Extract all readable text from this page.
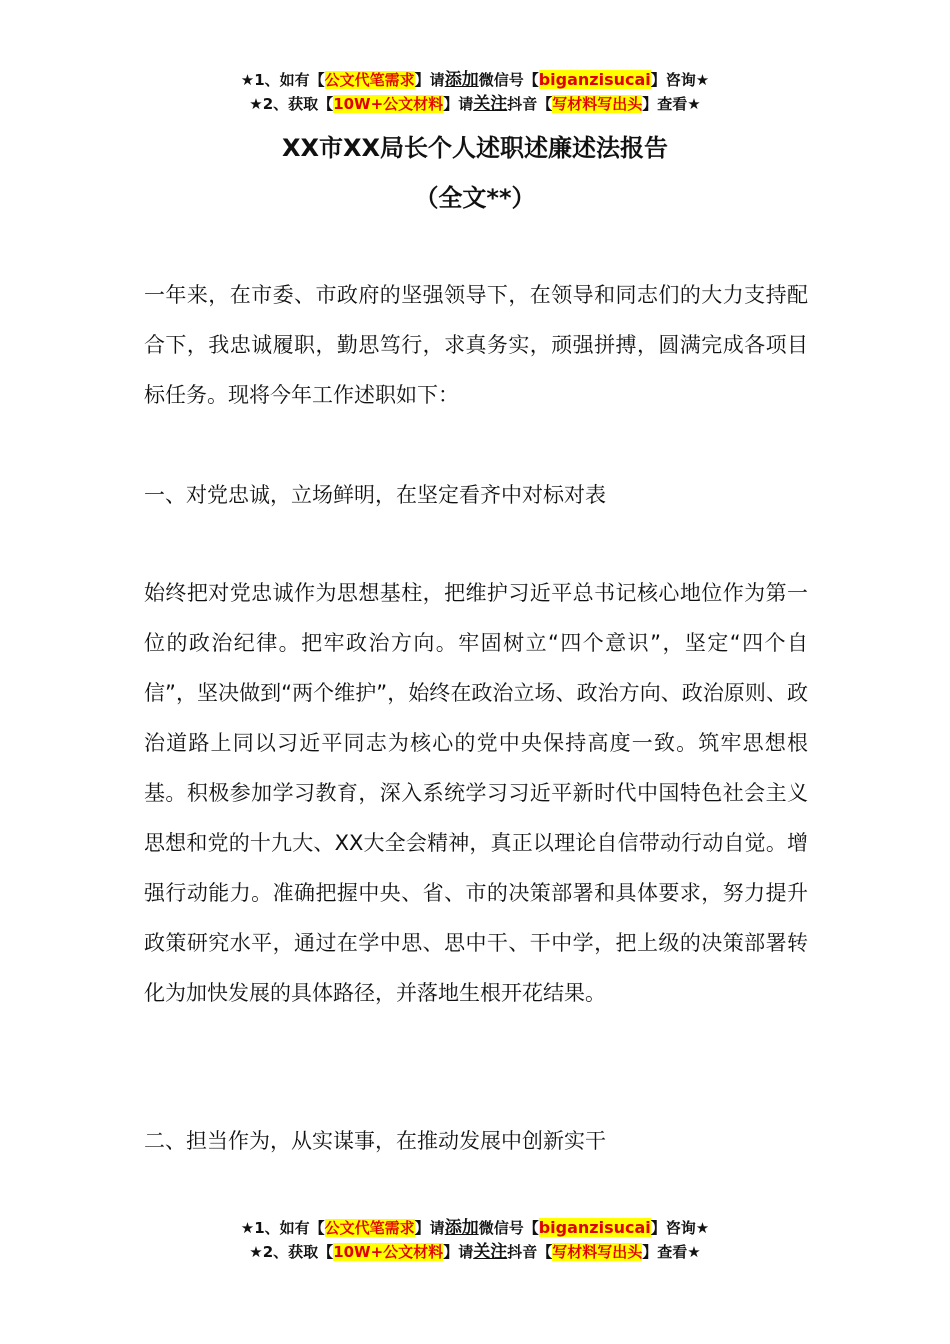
★1、如有【公文代笔需求】请添加微信号【biganzisucai】咨询★
★2、获取【10W+公文材料】请关注抖音【写材料写出头】查看★
XX市XX局长个人述职述廉述法报告
（全文**）

一年来，在市委、市政府的坚强领导下，在领导和同志们的大力支持配合下，我忠诚履职，勤思笃行，求真务实，顽强拼搏，圆满完成各项目标任务。现将今年工作述职如下：

一、对党忠诚，立场鲜明，在坚定看齐中对标对表

始终把对党忠诚作为思想基柱，把维护习近平总书记核心地位作为第一位的政治纪律。把牢政治方向。牢固树立“四个意识”，坚定“四个自信”，坚决做到“两个维护”，始终在政治立场、政治方向、政治原则、政治道路上同以习近平同志为核心的党中央保持高度一致。筑牢思想根基。积极参加学习教育，深入系统学习习近平新时代中国特色社会主义思想和党的十九大、XX大全会精神，真正以理论自信带动行动自觉。增强行动能力。准确把握中央、省、市的决策部署和具体要求，努力提升政策研究水平，通过在学中思、思中干、干中学，把上级的决策部署转化为加快发展的具体路径，并落地生根开花结果。

二、担当作为，从实谋事，在推动发展中创新实干

★1、如有【公文代笔需求】请添加微信号【biganzisucai】咨询★
★2、获取【10W+公文材料】请关注抖音【写材料写出头】查看★
